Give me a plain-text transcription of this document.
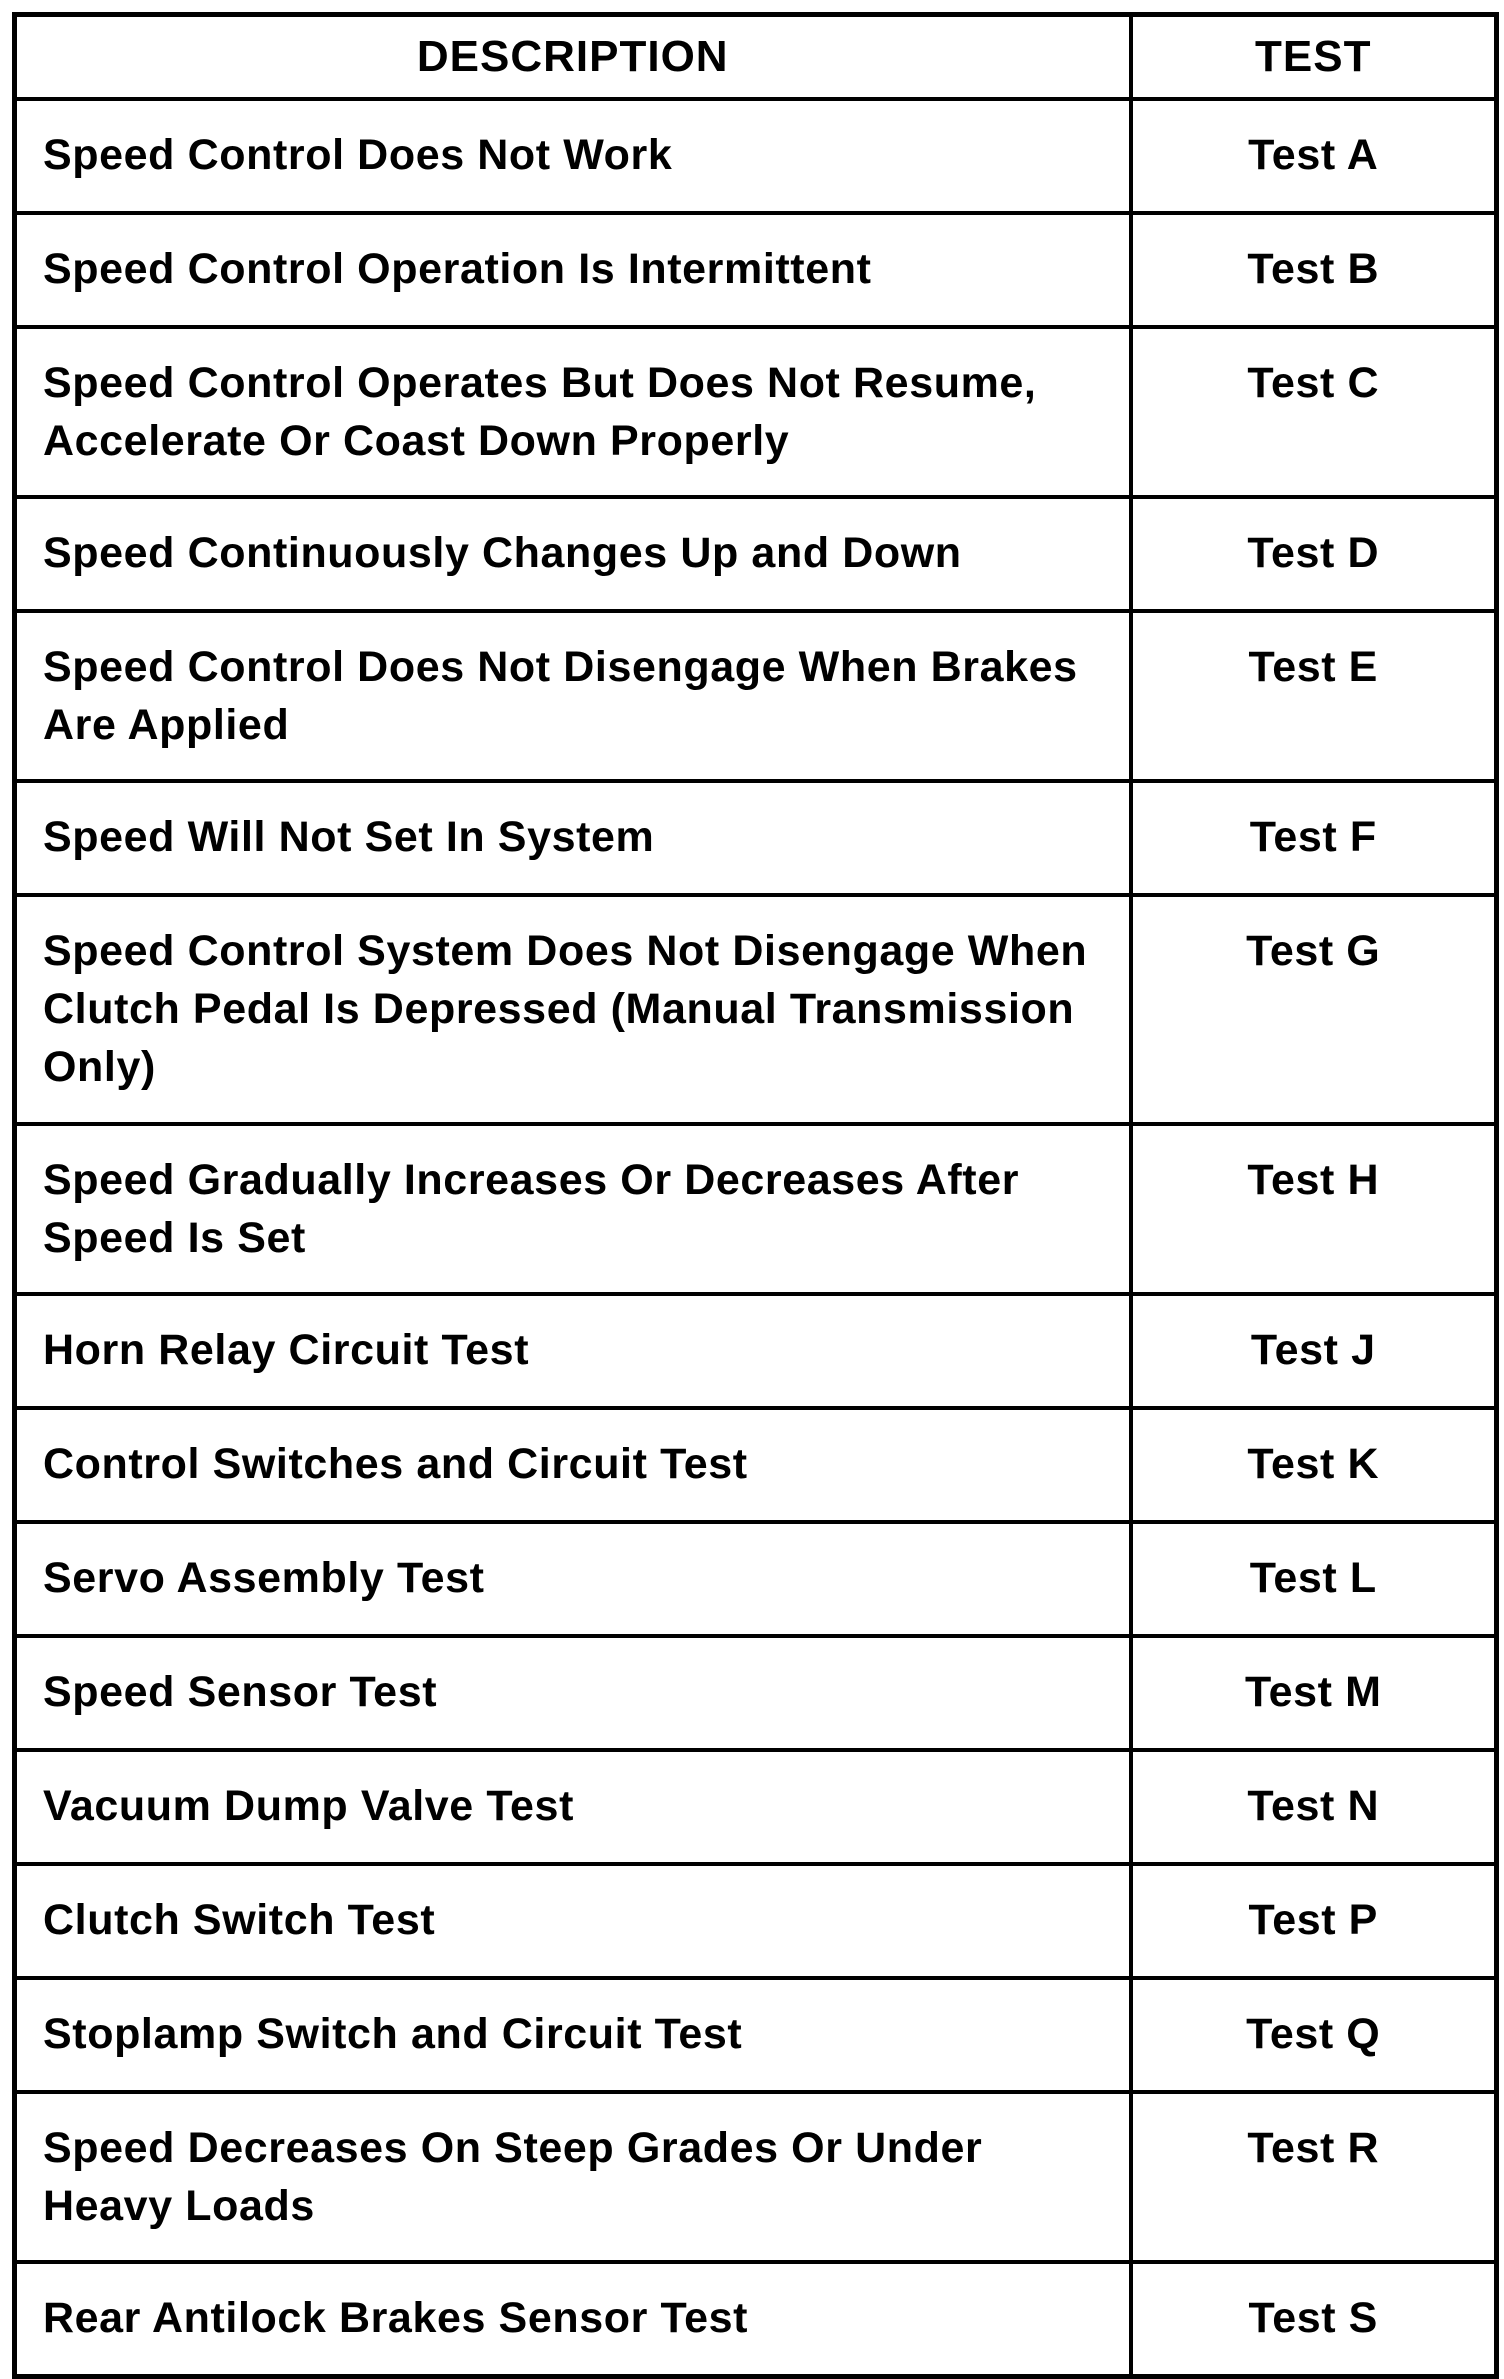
DESCRIPTION	TEST
Speed Control Does Not Work	Test A
Speed Control Operation Is Intermittent	Test B
Speed Control Operates But Does Not Resume, Accelerate Or Coast Down Properly	Test C
Speed Continuously Changes Up and Down	Test D
Speed Control Does Not Disengage When Brakes Are Applied	Test E
Speed Will Not Set In System	Test F
Speed Control System Does Not Disengage When Clutch Pedal Is Depressed (Manual Transmission Only)	Test G
Speed Gradually Increases Or Decreases After Speed Is Set	Test H
Horn Relay Circuit Test	Test J
Control Switches and Circuit Test	Test K
Servo Assembly Test	Test L
Speed Sensor Test	Test M
Vacuum Dump Valve Test	Test N
Clutch Switch Test	Test P
Stoplamp Switch and Circuit Test	Test Q
Speed Decreases On Steep Grades Or Under Heavy Loads	Test R
Rear Antilock Brakes Sensor Test	Test S
